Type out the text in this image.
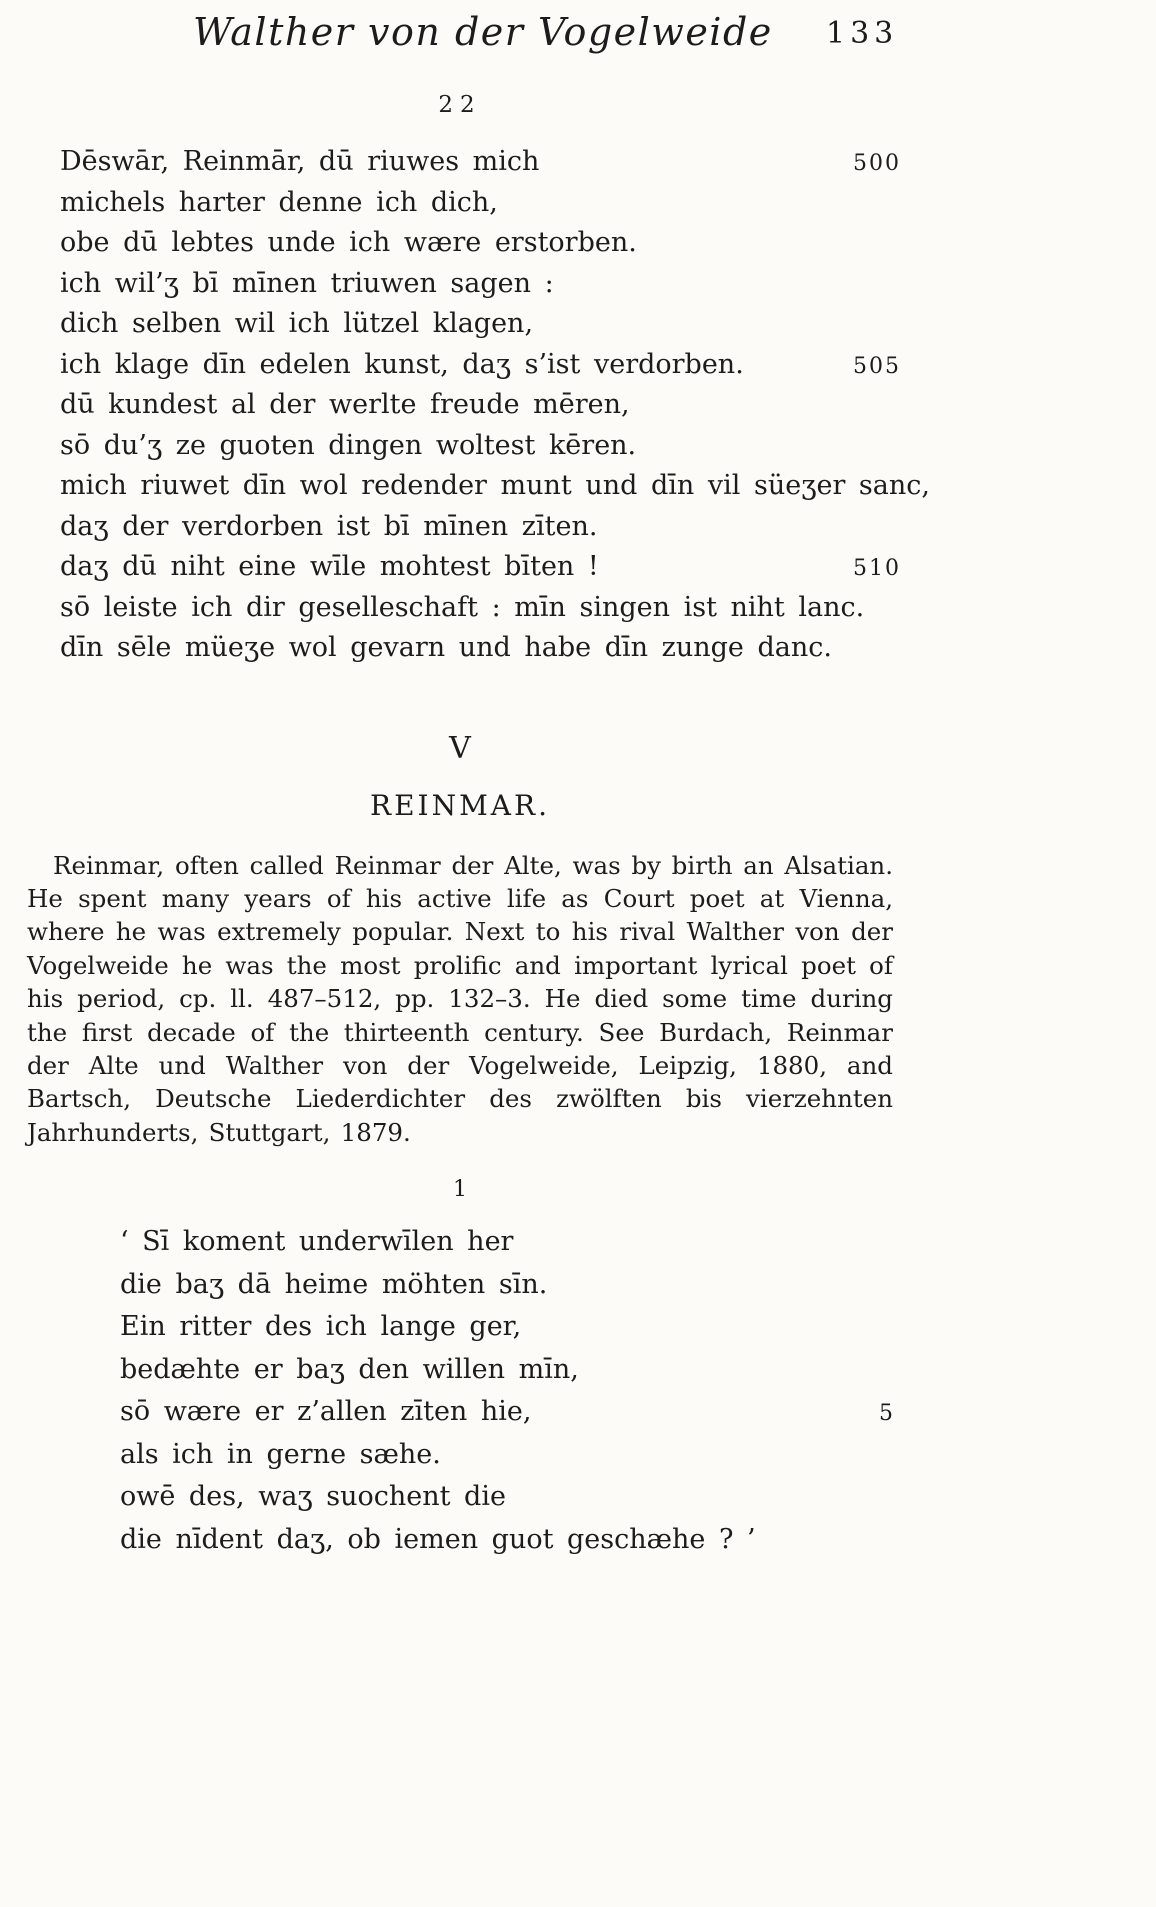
Walther von der Vogelweide 133
22
Dēswār, Reinmār, dū riuwes mich	500
michels harter denne ich dich,
obe dū lebtes unde ich wære erstorben.
ich wil’ʒ bī mīnen triuwen sagen :
dich selben wil ich lützel klagen,
ich klage dīn edelen kunst, daʒ s’ist verdorben.	505
dū kundest al der werlte freude mēren,
sō du’ʒ ze guoten dingen woltest kēren.
mich riuwet dīn wol redender munt und dīn vil süeʒer sanc,
daʒ der verdorben ist bī mīnen zīten.
daʒ dū niht eine wīle mohtest bīten !	510
sō leiste ich dir geselleschaft : mīn singen ist niht lanc.
dīn sēle müeʒe wol gevarn und habe dīn zunge danc.
V
REINMAR.

Reinmar, often called Reinmar der Alte, was by birth an Alsatian. He spent many years of his active life as Court poet at Vienna, where he was extremely popular. Next to his rival Walther von der Vogelweide he was the most prolific and important lyrical poet of his period, cp. ll. 487–512, pp. 132–3. He died some time during the first decade of the thirteenth century. See Burdach, Reinmar der Alte und Walther von der Vogelweide, Leipzig, 1880, and Bartsch, Deutsche Liederdichter des zwölften bis vierzehnten Jahrhunderts, Stuttgart, 1879.

1
‘ Sī koment underwīlen her
die baʒ dā heime möhten sīn.
Ein ritter des ich lange ger,
bedæhte er baʒ den willen mīn,
sō wære er z’allen zīten hie,	5
als ich in gerne sæhe.
owē des, waʒ suochent die
die nīdent daʒ, ob iemen guot geschæhe ? ’
